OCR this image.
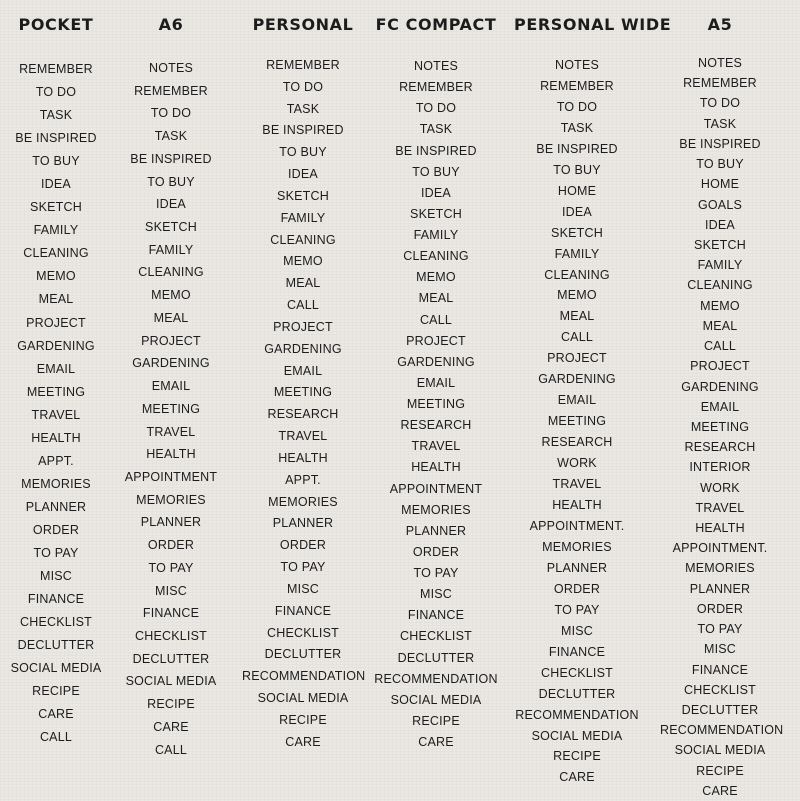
POCKET
REMEMBER
TO DO
TASK
BE INSPIRED
TO BUY
IDEA
SKETCH
FAMILY
CLEANING
MEMO
MEAL
PROJECT
GARDENING
EMAIL
MEETING
TRAVEL
HEALTH
APPT.
MEMORIES
PLANNER
ORDER
TO PAY
MISC
FINANCE
CHECKLIST
DECLUTTER
SOCIAL MEDIA
RECIPE
CARE
CALL
A6
NOTES
REMEMBER
TO DO
TASK
BE INSPIRED
TO BUY
IDEA
SKETCH
FAMILY
CLEANING
MEMO
MEAL
PROJECT
GARDENING
EMAIL
MEETING
TRAVEL
HEALTH
APPOINTMENT
MEMORIES
PLANNER
ORDER
TO PAY
MISC
FINANCE
CHECKLIST
DECLUTTER
SOCIAL MEDIA
RECIPE
CARE
CALL
PERSONAL
REMEMBER
TO DO
TASK
BE INSPIRED
TO BUY
IDEA
SKETCH
FAMILY
CLEANING
MEMO
MEAL
CALL
PROJECT
GARDENING
EMAIL
MEETING
RESEARCH
TRAVEL
HEALTH
APPT.
MEMORIES
PLANNER
ORDER
TO PAY
MISC
FINANCE
CHECKLIST
DECLUTTER
RECOMMENDATION
SOCIAL MEDIA
RECIPE
CARE
FC COMPACT
NOTES
REMEMBER
TO DO
TASK
BE INSPIRED
TO BUY
IDEA
SKETCH
FAMILY
CLEANING
MEMO
MEAL
CALL
PROJECT
GARDENING
EMAIL
MEETING
RESEARCH
TRAVEL
HEALTH
APPOINTMENT
MEMORIES
PLANNER
ORDER
TO PAY
MISC
FINANCE
CHECKLIST
DECLUTTER
RECOMMENDATION
SOCIAL MEDIA
RECIPE
CARE
PERSONAL WIDE
NOTES
REMEMBER
TO DO
TASK
BE INSPIRED
TO BUY
HOME
IDEA
SKETCH
FAMILY
CLEANING
MEMO
MEAL
CALL
PROJECT
GARDENING
EMAIL
MEETING
RESEARCH
WORK
TRAVEL
HEALTH
APPOINTMENT.
MEMORIES
PLANNER
ORDER
TO PAY
MISC
FINANCE
CHECKLIST
DECLUTTER
RECOMMENDATION
SOCIAL MEDIA
RECIPE
CARE
A5
NOTES
REMEMBER
TO DO
TASK
BE INSPIRED
TO BUY
HOME
GOALS
IDEA
SKETCH
FAMILY
CLEANING
MEMO
MEAL
CALL
PROJECT
GARDENING
EMAIL
MEETING
RESEARCH
INTERIOR
WORK
TRAVEL
HEALTH
APPOINTMENT.
MEMORIES
PLANNER
ORDER
TO PAY
MISC
FINANCE
CHECKLIST
DECLUTTER
RECOMMENDATION
SOCIAL MEDIA
RECIPE
CARE
